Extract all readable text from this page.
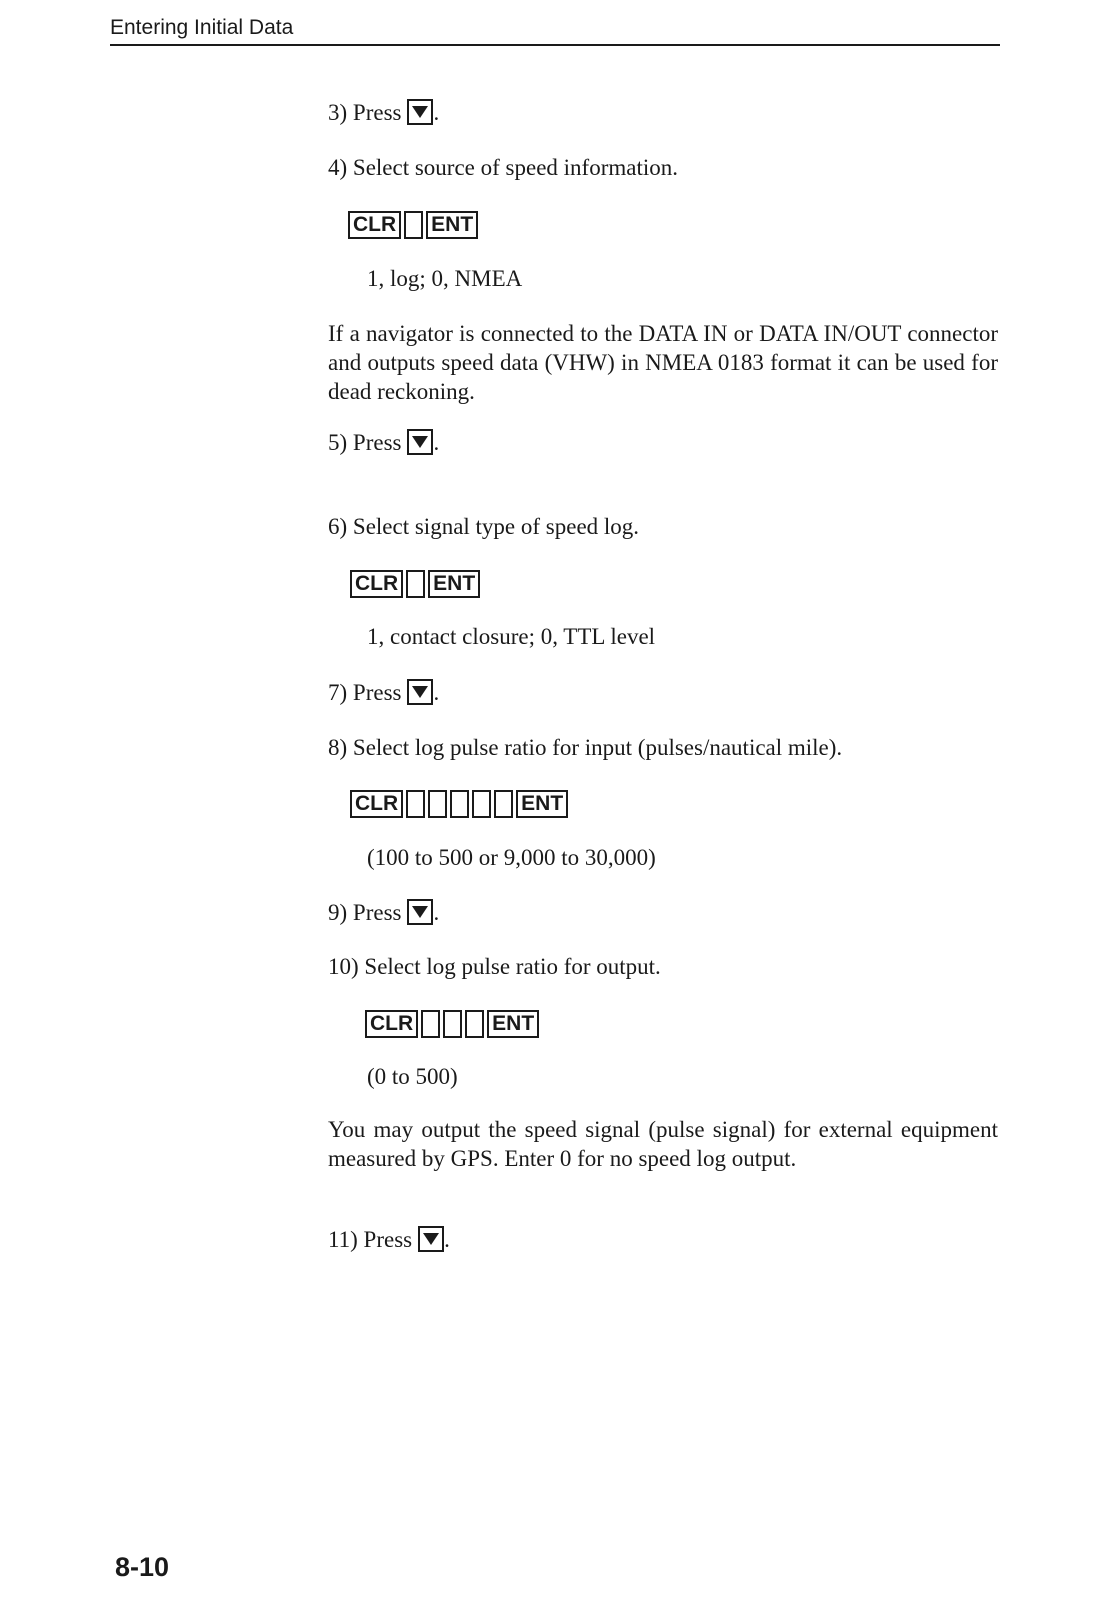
Entering Initial Data
3) Press .
4) Select source of speed information.
CLR ENT
1, log; 0, NMEA
If a navigator is connected to the DATA IN or DATA IN/OUT connector and outputs speed data (VHW) in NMEA 0183 format it can be used for dead reckoning.
5) Press .
6) Select signal type of speed log.
CLR ENT
1, contact closure; 0, TTL level
7) Press .
8) Select log pulse ratio for input (pulses/nautical mile).
CLR	ENT
(100 to 500 or 9,000 to 30,000)
9) Press .
10) Select log pulse ratio for output.
CLR	ENT
(0 to 500)
You may output the speed signal (pulse signal) for external equipment measured by GPS. Enter 0 for no speed log output.
11) Press .
8-10
